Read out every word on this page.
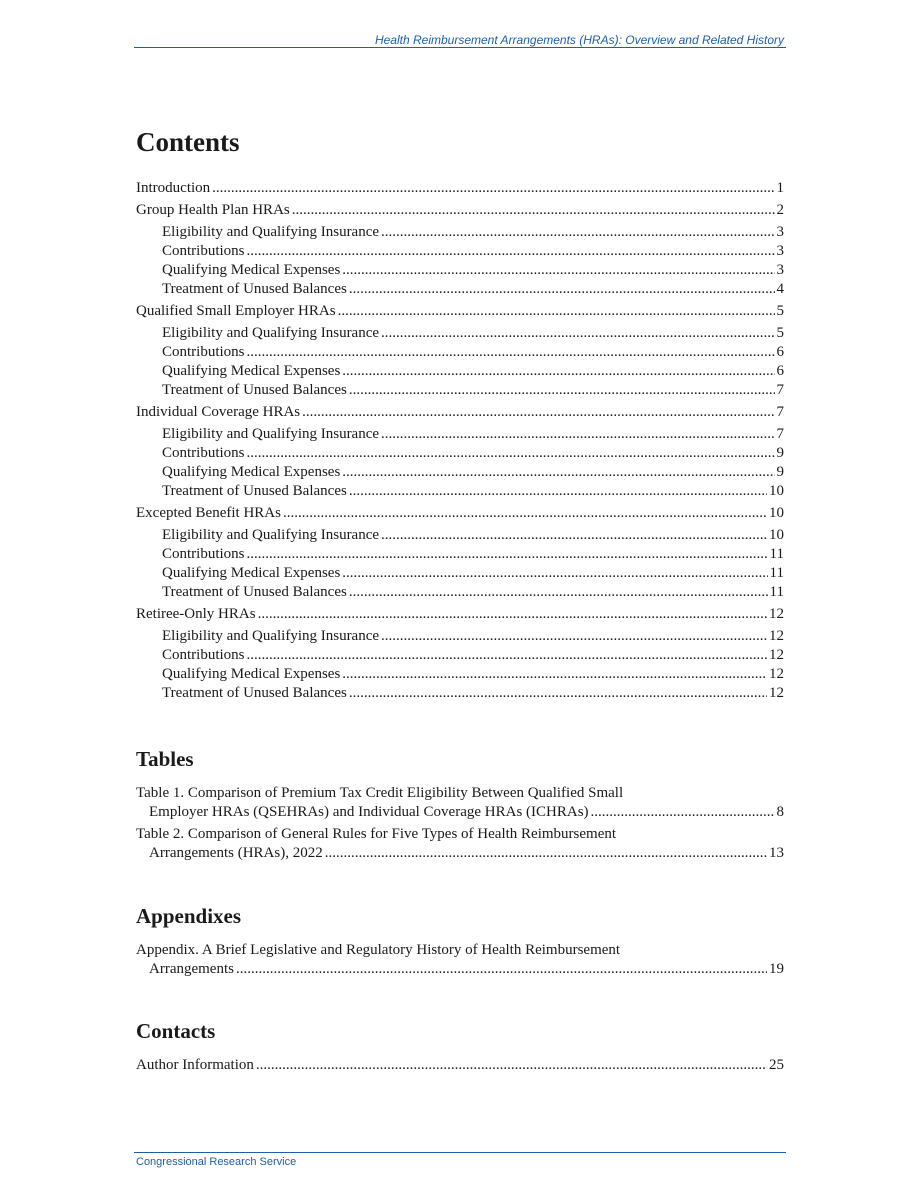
Health Reimbursement Arrangements (HRAs): Overview and Related History
Contents
Introduction .....	1
Group Health Plan HRAs .....	2
Eligibility and Qualifying Insurance .....	3
Contributions .....	3
Qualifying Medical Expenses .....	3
Treatment of Unused Balances .....	4
Qualified Small Employer HRAs .....	5
Eligibility and Qualifying Insurance .....	5
Contributions .....	6
Qualifying Medical Expenses .....	6
Treatment of Unused Balances .....	7
Individual Coverage HRAs .....	7
Eligibility and Qualifying Insurance .....	7
Contributions .....	9
Qualifying Medical Expenses .....	9
Treatment of Unused Balances .....	10
Excepted Benefit HRAs .....	10
Eligibility and Qualifying Insurance .....	10
Contributions .....	11
Qualifying Medical Expenses .....	11
Treatment of Unused Balances .....	11
Retiree-Only HRAs .....	12
Eligibility and Qualifying Insurance .....	12
Contributions .....	12
Qualifying Medical Expenses .....	12
Treatment of Unused Balances .....	12
Tables
Table 1. Comparison of Premium Tax Credit Eligibility Between Qualified Small
Employer HRAs (QSEHRAs) and Individual Coverage HRAs (ICHRAs) .....	8
Table 2. Comparison of General Rules for Five Types of Health Reimbursement
Arrangements (HRAs), 2022 .....	13
Appendixes
Appendix. A Brief Legislative and Regulatory History of Health Reimbursement
Arrangements .....	19
Contacts
Author Information .....	25
Congressional Research Service
